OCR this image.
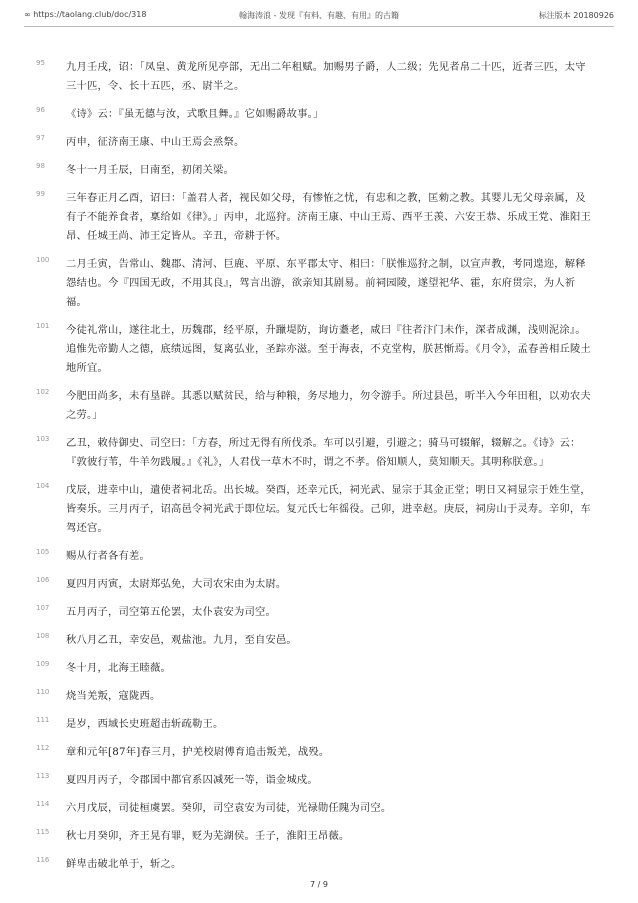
∞ https://taolang.club/doc/318	翰海涛浪 - 发现『有料、有趣、有用』的古籍	标注版本 20180926
95	九月壬戌，诏：「凤皇、黄龙所见亭部，无出二年租赋。加赐男子爵，人二级；先见者帛二十匹，近者三匹，太守三十匹，令、长十五匹，丞、尉半之。
96	《诗》云：『虽无德与汝，式歌且舞。』它如赐爵故事。」
97	丙申，征济南王康、中山王焉会烝祭。
98	冬十一月壬辰，日南至，初闭关梁。
99	三年春正月乙酉，诏曰：「盖君人者，视民如父母，有惨恠之忧，有忠和之教，匡勑之教。其婴儿无父母亲属，及有子不能养食者，稟给如《律》。」丙申，北巡狩。济南王康、中山王焉、西平王羡、六安王恭、乐成王党、淮阳王昂、任城王尚、沛王定皆从。辛丑，帝耕于怀。
100	二月壬寅，告常山、魏郡、清河、巨鹿、平原、东平郡太守、相曰：「朕惟巡狩之制，以宣声教，考同遑迩，解释怨结也。今『四国无政，不用其良』，驾言出游，欲亲知其剧易。前祠园陵，遂望祀华、霍，东府贯宗，为人祈福。
101	今徒礼常山，遂往北土，历魏郡，经平原，升躐堤防，询访耋老，咸曰『往者汴门未作，深者成渊，浅则泥涂』。追惟先帝勤人之德，底绩远图，复离弘业，圣踪亦滋。至于海表，不克堂构，朕甚惭焉。《月令》，孟春善相丘陵土地所宜。
102	今肥田尚多，未有垦辟。其悉以赋贫民，给与种粮，务尽地力，勿令游手。所过县邑，听半入今年田租，以劝农夫之劳。」
103	乙丑，敕侍御史、司空曰：「方春，所过无得有所伐杀。车可以引避，引避之；骑马可辍解，辍解之。《诗》云：『敦彼行苇，牛羊勿践履。』《礼》，人君伐一草木不时，谓之不孝。俗知顺人，莫知顺天。其明称朕意。」
104	戊辰，进幸中山，遣使者祠北岳。出长城。癸酉，还幸元氏，祠光武、显宗于其金正堂；明日又祠显宗于姓生堂，皆奏乐。三月丙子，诏高邑令祠光武于即位坛。复元氏七年徭役。己卯，进幸赵。庚辰，祠房山于灵寿。辛卯，车驾还宫。
105	赐从行者各有差。
106	夏四月丙寅，太尉郑弘免，大司农宋由为太尉。
107	五月丙子，司空第五伦罢，太仆袁安为司空。
108	秋八月乙丑，幸安邑，观盐池。九月，至自安邑。
109	冬十月，北海王睦薇。
110	烧当羌叛，寇陇西。
111	是岁，西域长史班超击斩疏勒王。
112	章和元年[87年]春三月，护羌校尉傅育追击叛羌，战殁。
113	夏四月丙子，令郡国中都官系囚减死一等，诣金城戍。
114	六月戊辰，司徒桓虞罢。癸卯，司空袁安为司徒，光禄勋任隗为司空。
115	秋七月癸卯，齐王晃有罪，贬为芜湖侯。壬子，淮阳王昂薇。
116	鲜卑击破北单于，斩之。
7 / 9
